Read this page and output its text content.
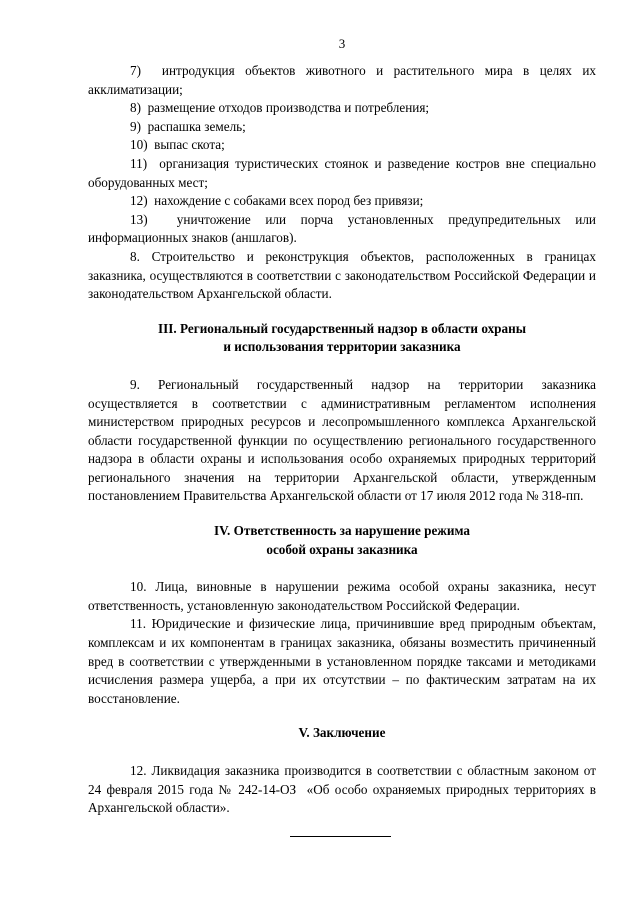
3

7)  интродукция объектов животного и растительного мира в целях их акклиматизации;

8)  размещение отходов производства и потребления;

9)  распашка земель;

10)  выпас скота;

11)  организация туристических стоянок и разведение костров вне специально оборудованных мест;

12)  нахождение с собаками всех пород без привязи;

13)  уничтожение или порча установленных предупредительных или информационных знаков (аншлагов).

8. Строительство и реконструкция объектов, расположенных в границах заказника, осуществляются в соответствии с законодательством Российской Федерации и законодательством Архангельской области.

III. Региональный государственный надзор в области охраны

и использования территории заказника

9. Региональный государственный надзор на территории заказника осуществляется в соответствии с административным регламентом исполнения министерством природных ресурсов и лесопромышленного комплекса Архангельской области государственной функции по осуществлению регионального государственного надзора в области охраны и использования особо охраняемых природных территорий регионального значения на территории Архангельской области, утвержденным постановлением Правительства Архангельской области от 17 июля 2012 года № 318-пп.

IV. Ответственность за нарушение режима

особой охраны заказника

10. Лица, виновные в нарушении режима особой охраны заказника, несут ответственность, установленную законодательством Российской Федерации.

11. Юридические и физические лица, причинившие вред природным объектам, комплексам и их компонентам в границах заказника, обязаны возместить причиненный вред в соответствии с утвержденными в установленном порядке таксами и методиками исчисления размера ущерба, а при их отсутствии – по фактическим затратам на их восстановление.

V. Заключение

12. Ликвидация заказника производится в соответствии с областным законом от 24 февраля 2015 года № 242-14-ОЗ  «Об особо охраняемых природных территориях в Архангельской области».
